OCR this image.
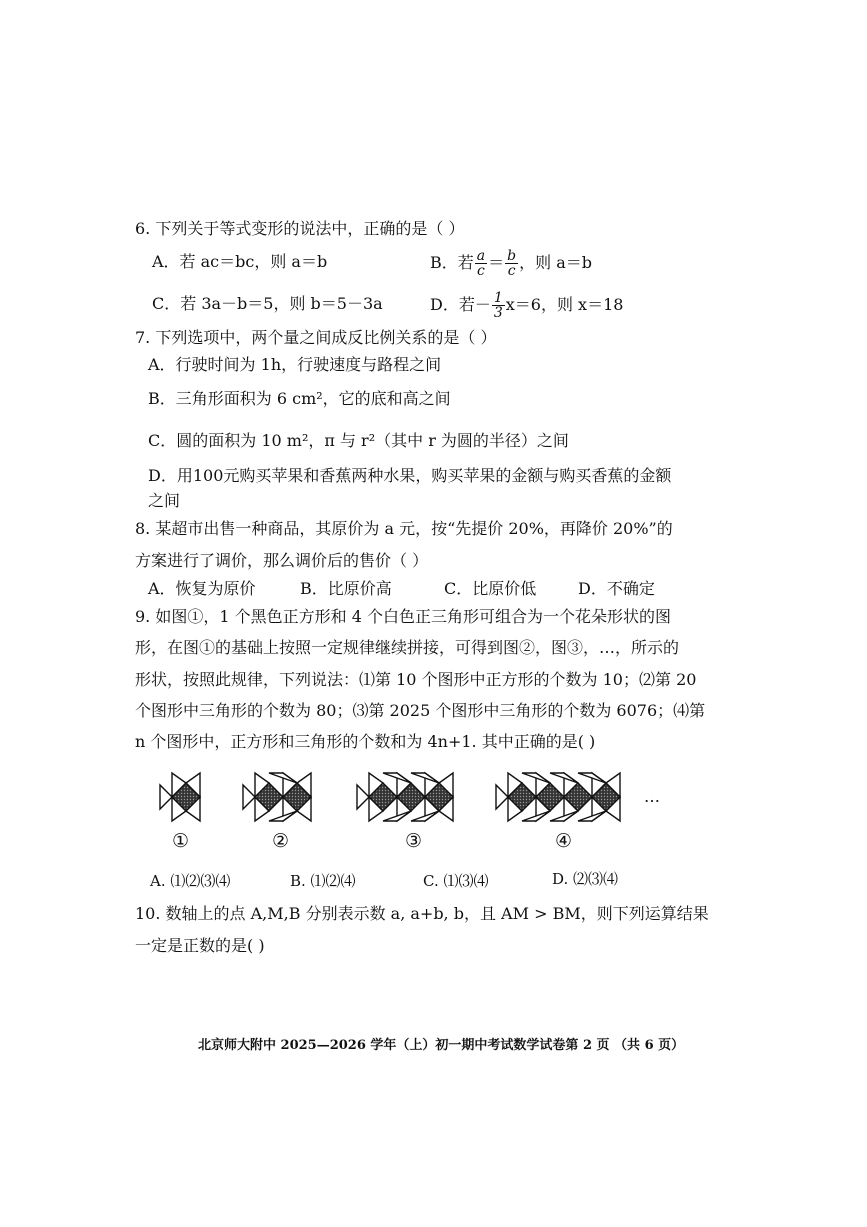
6. 下列关于等式变形的说法中，正确的是（ ）
A．若 ac＝bc，则 a＝b	B．若 $\frac{a}{c} = \frac{b}{c}$ ，则 a＝b
C．若 3a－b＝5，则 b＝5－3a	D．若－ $\frac{1}{3} x=6$，则 x＝18
7. 下列选项中，两个量之间成反比例关系的是（ ）
A．行驶时间为 1h，行驶速度与路程之间
B．三角形面积为 6 cm²，它的底和高之间
C．圆的面积为 10 m²，π 与 r²（其中 r 为圆的半径）之间
D．用100元购买苹果和香蕉两种水果，购买苹果的金额与购买香蕉的金额
之间
8. 某超市出售一种商品，其原价为 a 元，按“先提价 20%，再降价 20%”的
方案进行了调价，那么调价后的售价（ ）
A．恢复为原价	B．比原价高	C．比原价低	D．不确定
9. 如图①，1 个黑色正方形和 4 个白色正三角形可组合为一个花朵形状的图
形，在图①的基础上按照一定规律继续拼接，可得到图②，图③，…，所示的
形状，按照此规律，下列说法：⑴第 10 个图形中正方形的个数为 10；⑵第 20
个图形中三角形的个数为 80；⑶第 2025 个图形中三角形的个数为 6076；⑷第
n 个图形中，正方形和三角形的个数和为 4n+1. 其中正确的是( )
①	②	③	④
…
A. ⑴⑵⑶⑷	B. ⑴⑵⑷	C. ⑴⑶⑷	D. ⑵⑶⑷
10. 数轴上的点 A,M,B 分别表示数 a, a+b, b，且 AM > BM，则下列运算结果
一定是正数的是( )
北京师大附中 2025—2026 学年（上）初一期中考试数学试卷第 2 页 （共 6 页）
